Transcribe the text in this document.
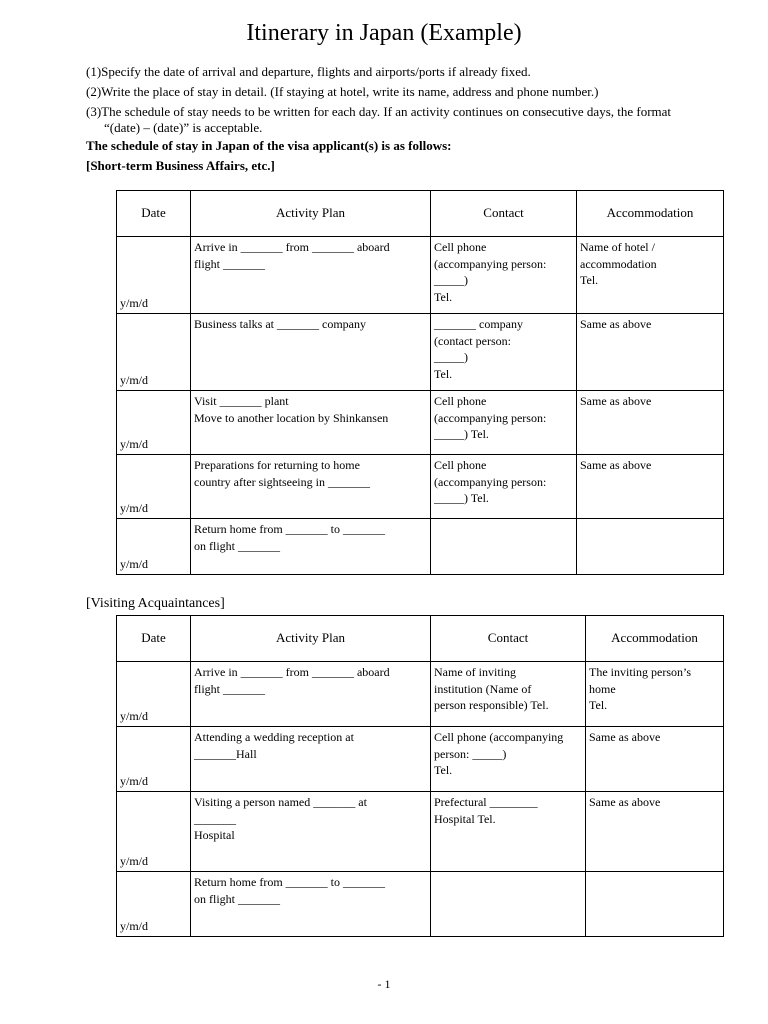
Itinerary in Japan (Example)
(1)Specify the date of arrival and departure, flights and airports/ports if already fixed.
(2)Write the place of stay in detail. (If staying at hotel, write its name, address and phone number.)
(3)The schedule of stay needs to be written for each day. If an activity continues on consecutive days, the format
“(date) – (date)” is acceptable.
The schedule of stay in Japan of the visa applicant(s) is as follows:
[Short-term Business Affairs, etc.]
Date	Activity Plan	Contact	Accommodation
y/m/d	Arrive in _______ from _______ aboard
flight _______	Cell phone
(accompanying person:
_____)
Tel.	Name of hotel /
accommodation
Tel.

y/m/d	Business talks at _______ company	_______ company
(contact person:
_____)
Tel.	Same as above

y/m/d	Visit _______ plant
Move to another location by Shinkansen	Cell phone
(accompanying person:
_____) Tel.	Same as above

y/m/d	Preparations for returning to home
country after sightseeing in _______	Cell phone
(accompanying person:
_____) Tel.	Same as above

y/m/d	Return home from _______ to _______
on flight _______		

[Visiting Acquaintances]
Date	Activity Plan	Contact	Accommodation
y/m/d	Arrive in _______ from _______ aboard
flight _______	Name of inviting
institution (Name of
person responsible) Tel.	The inviting person’s
home
Tel.

y/m/d	Attending a wedding reception at
_______Hall	Cell phone (accompanying
person: _____)
Tel.	Same as above

y/m/d	Visiting a person named _______ at
_______
Hospital	Prefectural ________
Hospital Tel.	Same as above

y/m/d	Return home from _______ to _______
on flight _______		

- 1
